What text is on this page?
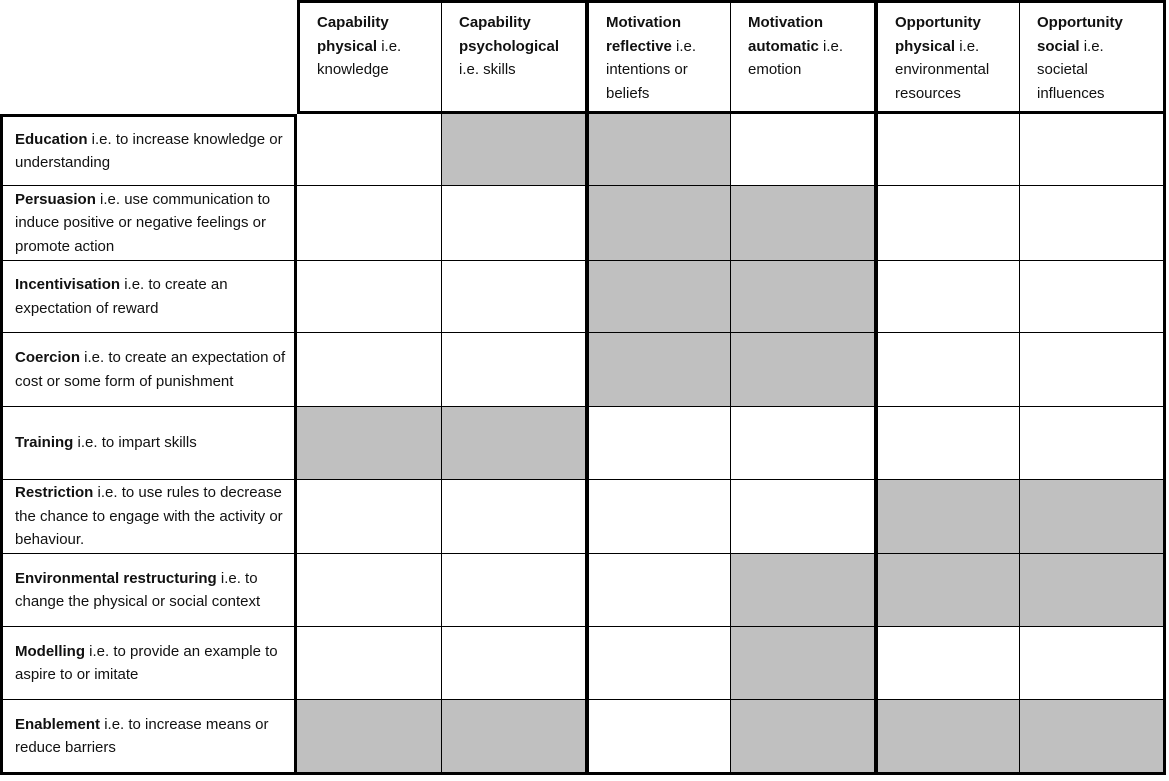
Capability physical i.e. knowledge
Capability psychological i.e. skills
Motivation reflective i.e. intentions or beliefs
Motivation automatic i.e. emotion
Opportunity physical i.e. environmental resources
Opportunity social i.e. societal influences
Education i.e. to increase knowledge or understanding
Persuasion i.e. use communication to induce positive or negative feelings or promote action
Incentivisation i.e. to create an expectation of reward
Coercion i.e. to create an expectation of cost or some form of punishment
Training i.e. to impart skills
Restriction i.e. to use rules to decrease the chance to engage with the activity or behaviour.
Environmental restructuring i.e. to change the physical or social context
Modelling i.e. to provide an example to aspire to or imitate
Enablement i.e. to increase means or reduce barriers
